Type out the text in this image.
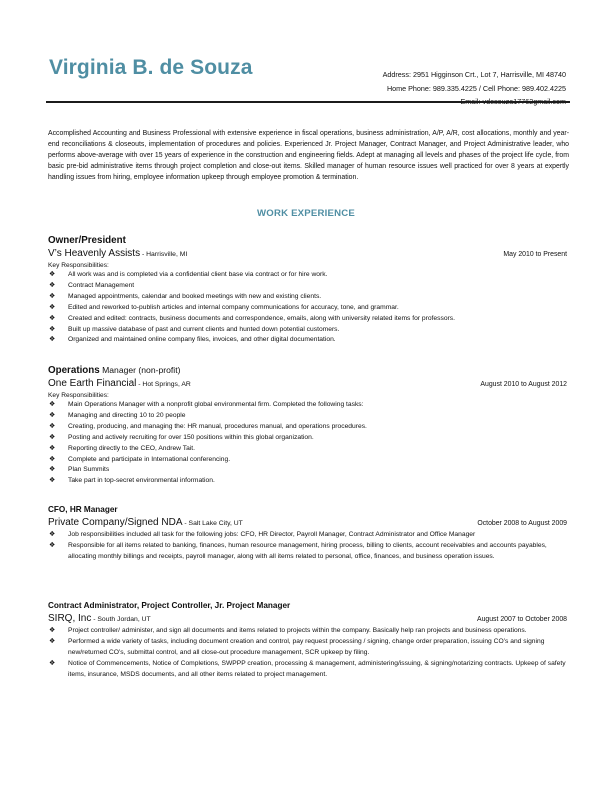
Virginia B. de Souza	Address: 2951 Higginson Crt., Lot 7, Harrisville, MI 48740
Home Phone: 989.335.4225 / Cell Phone: 989.402.4225
Accomplished Accounting and Business Professional with extensive experience in fiscal operations, business administration, A/P, A/R, cost allocations, monthly and year-end reconciliations & closeouts, implementation of procedures and policies. Experienced Jr. Project Manager, Contract Manager, and Project Administrative leader, who performs above-average with over 15 years of experience in the construction and engineering fields. Adept at managing all levels and phases of the project life cycle, from basic pre-bid administrative items through project completion and close-out items. Skilled manager of human resource issues well practiced for over 8 years at expertly handling issues from hiring, employee information upkeep through employee promotion & termination.
WORK EXPERIENCE
Owner/President
V’s Heavenly Assists - Harrisville, MI	May 2010 to Present
Key Responsibilities:
❖ All work was and is completed via a confidential client base via contract or for hire work.
❖ Contract Management
❖ Managed appointments, calendar and booked meetings with new and existing clients.
❖ Edited and reworked to-publish articles and internal company communications for accuracy, tone, and grammar.
❖ Created and edited: contracts, business documents and correspondence, emails, along with university related items for professors.
❖ Built up massive database of past and current clients and hunted down potential customers.
❖ Organized and maintained online company files, invoices, and other digital documentation.
Operations Manager (non-profit)
One Earth Financial - Hot Springs, AR	August 2010 to August 2012
Key Responsibilities:
❖ Main Operations Manager with a nonprofit global environmental firm. Completed the following tasks:
❖ Managing and directing 10 to 20 people
❖ Creating, producing, and managing the: HR manual, procedures manual, and operations procedures.
❖ Posting and actively recruiting for over 150 positions within this global organization.
❖ Reporting directly to the CEO, Andrew Tait.
❖ Complete and participate in International conferencing.
❖ Plan Summits
❖ Take part in top-secret environmental information.
CFO, HR Manager
Private Company/Signed NDA - Salt Lake City, UT	October 2008 to August 2009
❖ Job responsibilities included all task for the following jobs: CFO, HR Director, Payroll Manager, Contract Administrator and Office Manager
❖ Responsible for all items related to banking, finances, human resource management, hiring process, billing to clients, account receivables and accounts payables, allocating monthly billings and receipts, payroll manager, along with all items related to personal, office, finances, and business operation issues.
Contract Administrator, Project Controller, Jr. Project Manager
SIRQ, Inc - South Jordan, UT	August 2007 to October 2008
❖ Project controller/ administer, and sign all documents and items related to projects within the company. Basically help ran projects and business operations.
❖ Performed a wide variety of tasks, including document creation and control, pay request processing / signing, change order preparation, issuing CO’s and signing new/returned CO’s, submittal control, and all close-out procedure management, SCR upkeep by filing.
❖ Notice of Commencements, Notice of Completions, SWPPP creation, processing & management, administering/issuing, & signing/notarizing contracts. Upkeep of safety items, insurance, MSDS documents, and all other items related to project management.
